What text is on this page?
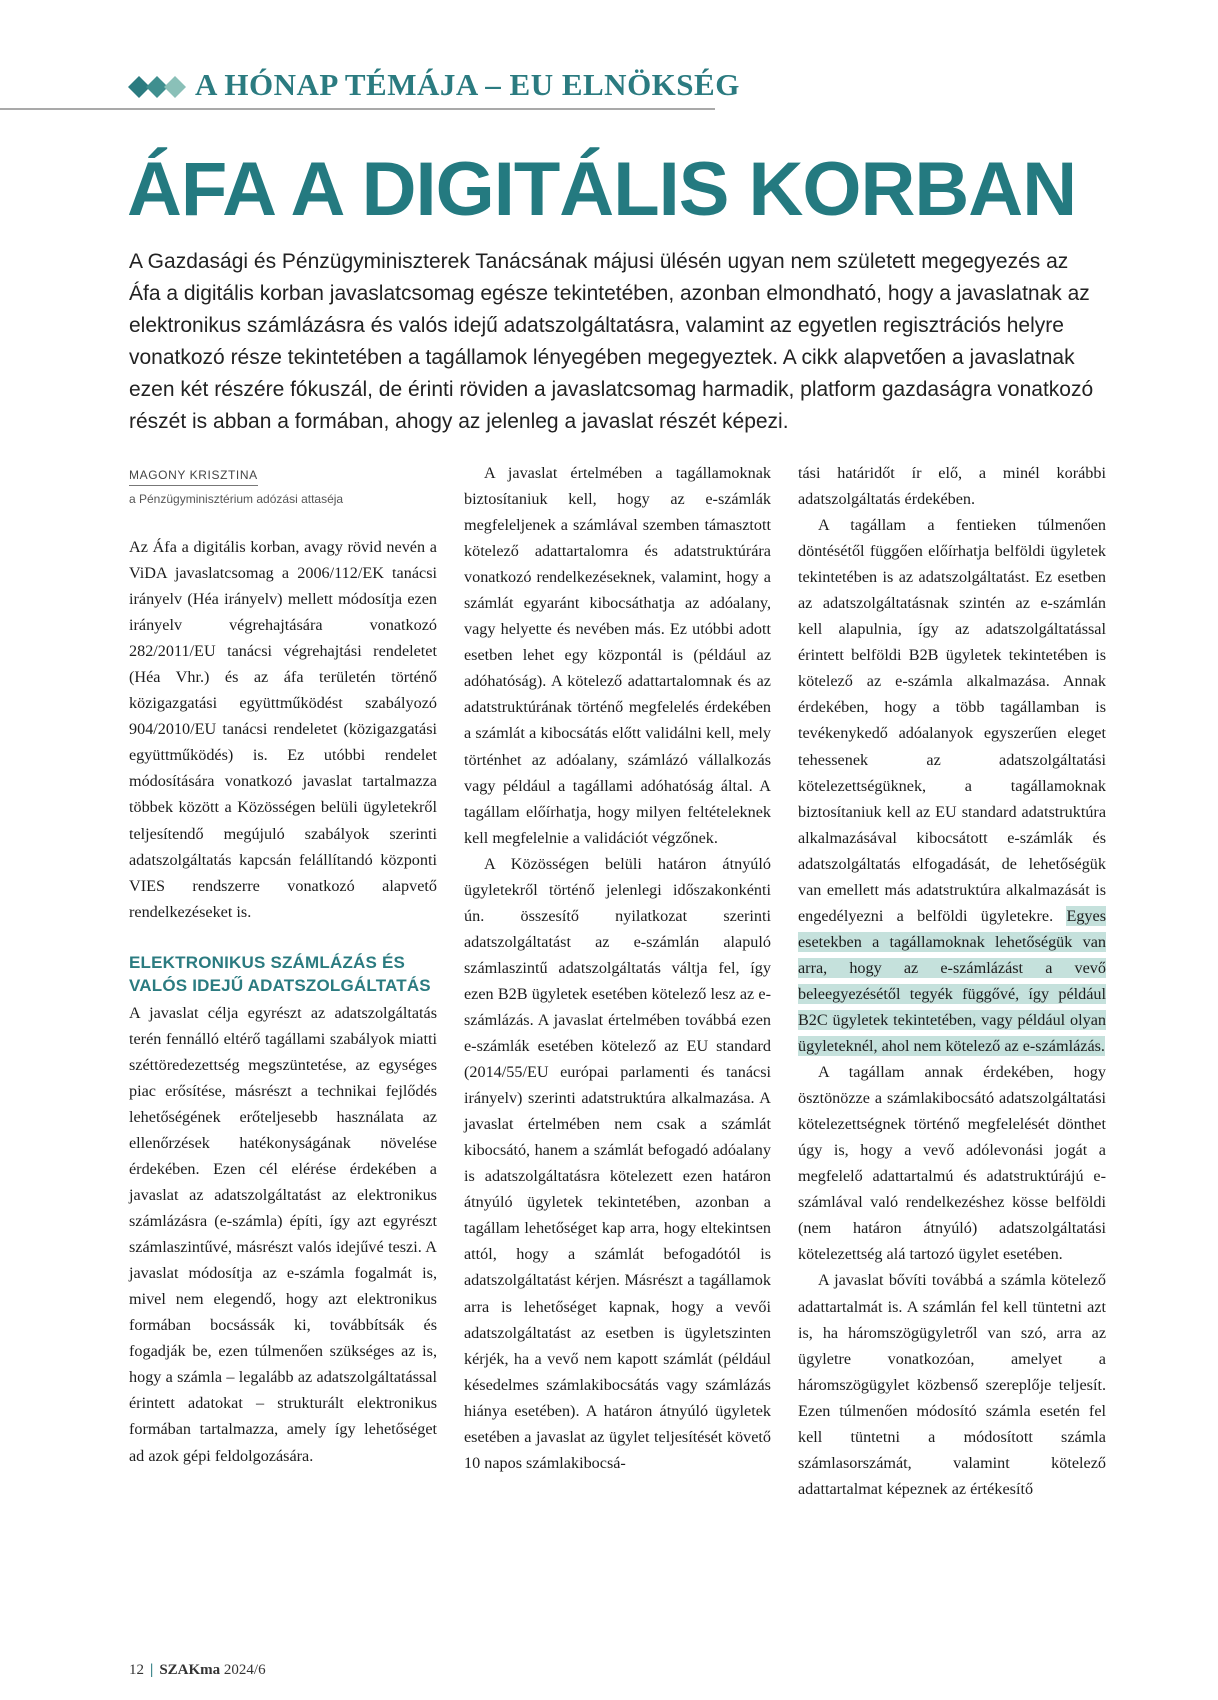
A HÓNAP TÉMÁJA – EU ELNÖKSÉG
ÁFA A DIGITÁLIS KORBAN

A Gazdasági és Pénzügyminiszterek Tanácsának májusi ülésén ugyan nem született megegyezés az Áfa a digitális korban javaslatcsomag egésze tekintetében, azonban elmondható, hogy a javaslatnak az elektronikus számlázásra és valós idejű adatszolgáltatásra, valamint az egyetlen regisztrációs helyre vonatkozó része tekintetében a tagállamok lényegében megegyeztek. A cikk alapvetően a javaslatnak ezen két részére fókuszál, de érinti röviden a javaslatcsomag harmadik, platform gazdaságra vonatkozó részét is abban a formában, ahogy az jelenleg a javaslat részét képezi.

MAGONY KRISZTINA
a Pénzügyminisztérium adózási attaséja

Az Áfa a digitális korban, avagy rövid nevén a ViDA javaslatcsomag a 2006/112/EK tanácsi irányelv (Héa irányelv) mellett módosítja ezen irányelv végrehajtására vonatkozó 282/2011/EU tanácsi végrehajtási rendeletet (Héa Vhr.) és az áfa területén történő közigazgatási együttműködést szabályozó 904/2010/EU tanácsi rendeletet (közigazgatási együttműködés) is. Ez utóbbi rendelet módosítására vonatkozó javaslat tartalmazza többek között a Közösségen belüli ügyletekről teljesítendő megújuló szabályok szerinti adatszolgáltatás kapcsán felállítandó központi VIES rendszerre vonatkozó alapvető rendelkezéseket is.

ELEKTRONIKUS SZÁMLÁZÁS ÉS VALÓS IDEJŰ ADATSZOLGÁLTATÁS

A javaslat célja egyrészt az adatszolgáltatás terén fennálló eltérő tagállami szabályok miatti széttöredezettség megszüntetése, az egységes piac erősítése, másrészt a technikai fejlődés lehetőségének erőteljesebb használata az ellenőrzések hatékonyságának növelése érdekében. Ezen cél elérése érdekében a javaslat az adatszolgáltatást az elektronikus számlázásra (e-számla) építi, így azt egyrészt számlaszintűvé, másrészt valós idejűvé teszi. A javaslat módosítja az e-számla fogalmát is, mivel nem elegendő, hogy azt elektronikus formában bocsássák ki, továbbítsák és fogadják be, ezen túlmenően szükséges az is, hogy a számla – legalább az adatszolgáltatással érintett adatokat – strukturált elektronikus formában tartalmazza, amely így lehetőséget ad azok gépi feldolgozására.

A javaslat értelmében a tagállamoknak biztosítaniuk kell, hogy az e-számlák megfeleljenek a számlával szemben támasztott kötelező adattartalomra és adatstruktúrára vonatkozó rendelkezéseknek, valamint, hogy a számlát egyaránt kibocsáthatja az adóalany, vagy helyette és nevében más. Ez utóbbi adott esetben lehet egy központál is (például az adóhatóság). A kötelező adattartalomnak és az adatstruktúrának történő megfelelés érdekében a számlát a kibocsátás előtt validálni kell, mely történhet az adóalany, számlázó vállalkozás vagy például a tagállami adóhatóság által. A tagállam előírhatja, hogy milyen feltételeknek kell megfelelnie a validációt végzőnek.

A Közösségen belüli határon átnyúló ügyletekről történő jelenlegi időszakonkénti ún. összesítő nyilatkozat szerinti adatszolgáltatást az e-számlán alapuló számlaszintű adatszolgáltatás váltja fel, így ezen B2B ügyletek esetében kötelező lesz az e-számlázás. A javaslat értelmében továbbá ezen e-számlák esetében kötelező az EU standard (2014/55/EU európai parlamenti és tanácsi irányelv) szerinti adatstruktúra alkalmazása. A javaslat értelmében nem csak a számlát kibocsátó, hanem a számlát befogadó adóalany is adatszolgáltatásra kötelezett ezen határon átnyúló ügyletek tekintetében, azonban a tagállam lehetőséget kap arra, hogy eltekintsen attól, hogy a számlát befogadótól is adatszolgáltatást kérjen. Másrészt a tagállamok arra is lehetőséget kapnak, hogy a vevői adatszolgáltatást az esetben is ügyletszinten kérjék, ha a vevő nem kapott számlát (például késedelmes számlakibocsátás vagy számlázás hiánya esetében). A határon átnyúló ügyletek esetében a javaslat az ügylet teljesítését követő 10 napos számlakibocsá-

tási határidőt ír elő, a minél korábbi adatszolgáltatás érdekében.

A tagállam a fentieken túlmenően döntésétől függően előírhatja belföldi ügyletek tekintetében is az adatszolgáltatást. Ez esetben az adatszolgáltatásnak szintén az e-számlán kell alapulnia, így az adatszolgáltatással érintett belföldi B2B ügyletek tekintetében is kötelező az e-számla alkalmazása. Annak érdekében, hogy a több tagállamban is tevékenykedő adóalanyok egyszerűen eleget tehessenek az adatszolgáltatási kötelezettségüknek, a tagállamoknak biztosítaniuk kell az EU standard adatstruktúra alkalmazásával kibocsátott e-számlák és adatszolgáltatás elfogadását, de lehetőségük van emellett más adatstruktúra alkalmazását is engedélyezni a belföldi ügyletekre. Egyes esetekben a tagállamoknak lehetőségük van arra, hogy az e-számlázást a vevő beleegyezésétől tegyék függővé, így például B2C ügyletek tekintetében, vagy például olyan ügyleteknél, ahol nem kötelező az e-számlázás.

A tagállam annak érdekében, hogy ösztönözze a számlakibocsátó adatszolgáltatási kötelezettségnek történő megfelelését dönthet úgy is, hogy a vevő adólevonási jogát a megfelelő adattartalmú és adatstruktúrájú e-számlával való rendelkezéshez kösse belföldi (nem határon átnyúló) adatszolgáltatási kötelezettség alá tartozó ügylet esetében.

A javaslat bővíti továbbá a számla kötelező adattartalmát is. A számlán fel kell tüntetni azt is, ha háromszögügyletről van szó, arra az ügyletre vonatkozóan, amelyet a háromszögügylet közbenső szereplője teljesít. Ezen túlmenően módosító számla esetén fel kell tüntetni a módosított számla számlasorszámát, valamint kötelező adattartalmat képeznek az értékesítő

12 | SZAKma 2024/6
